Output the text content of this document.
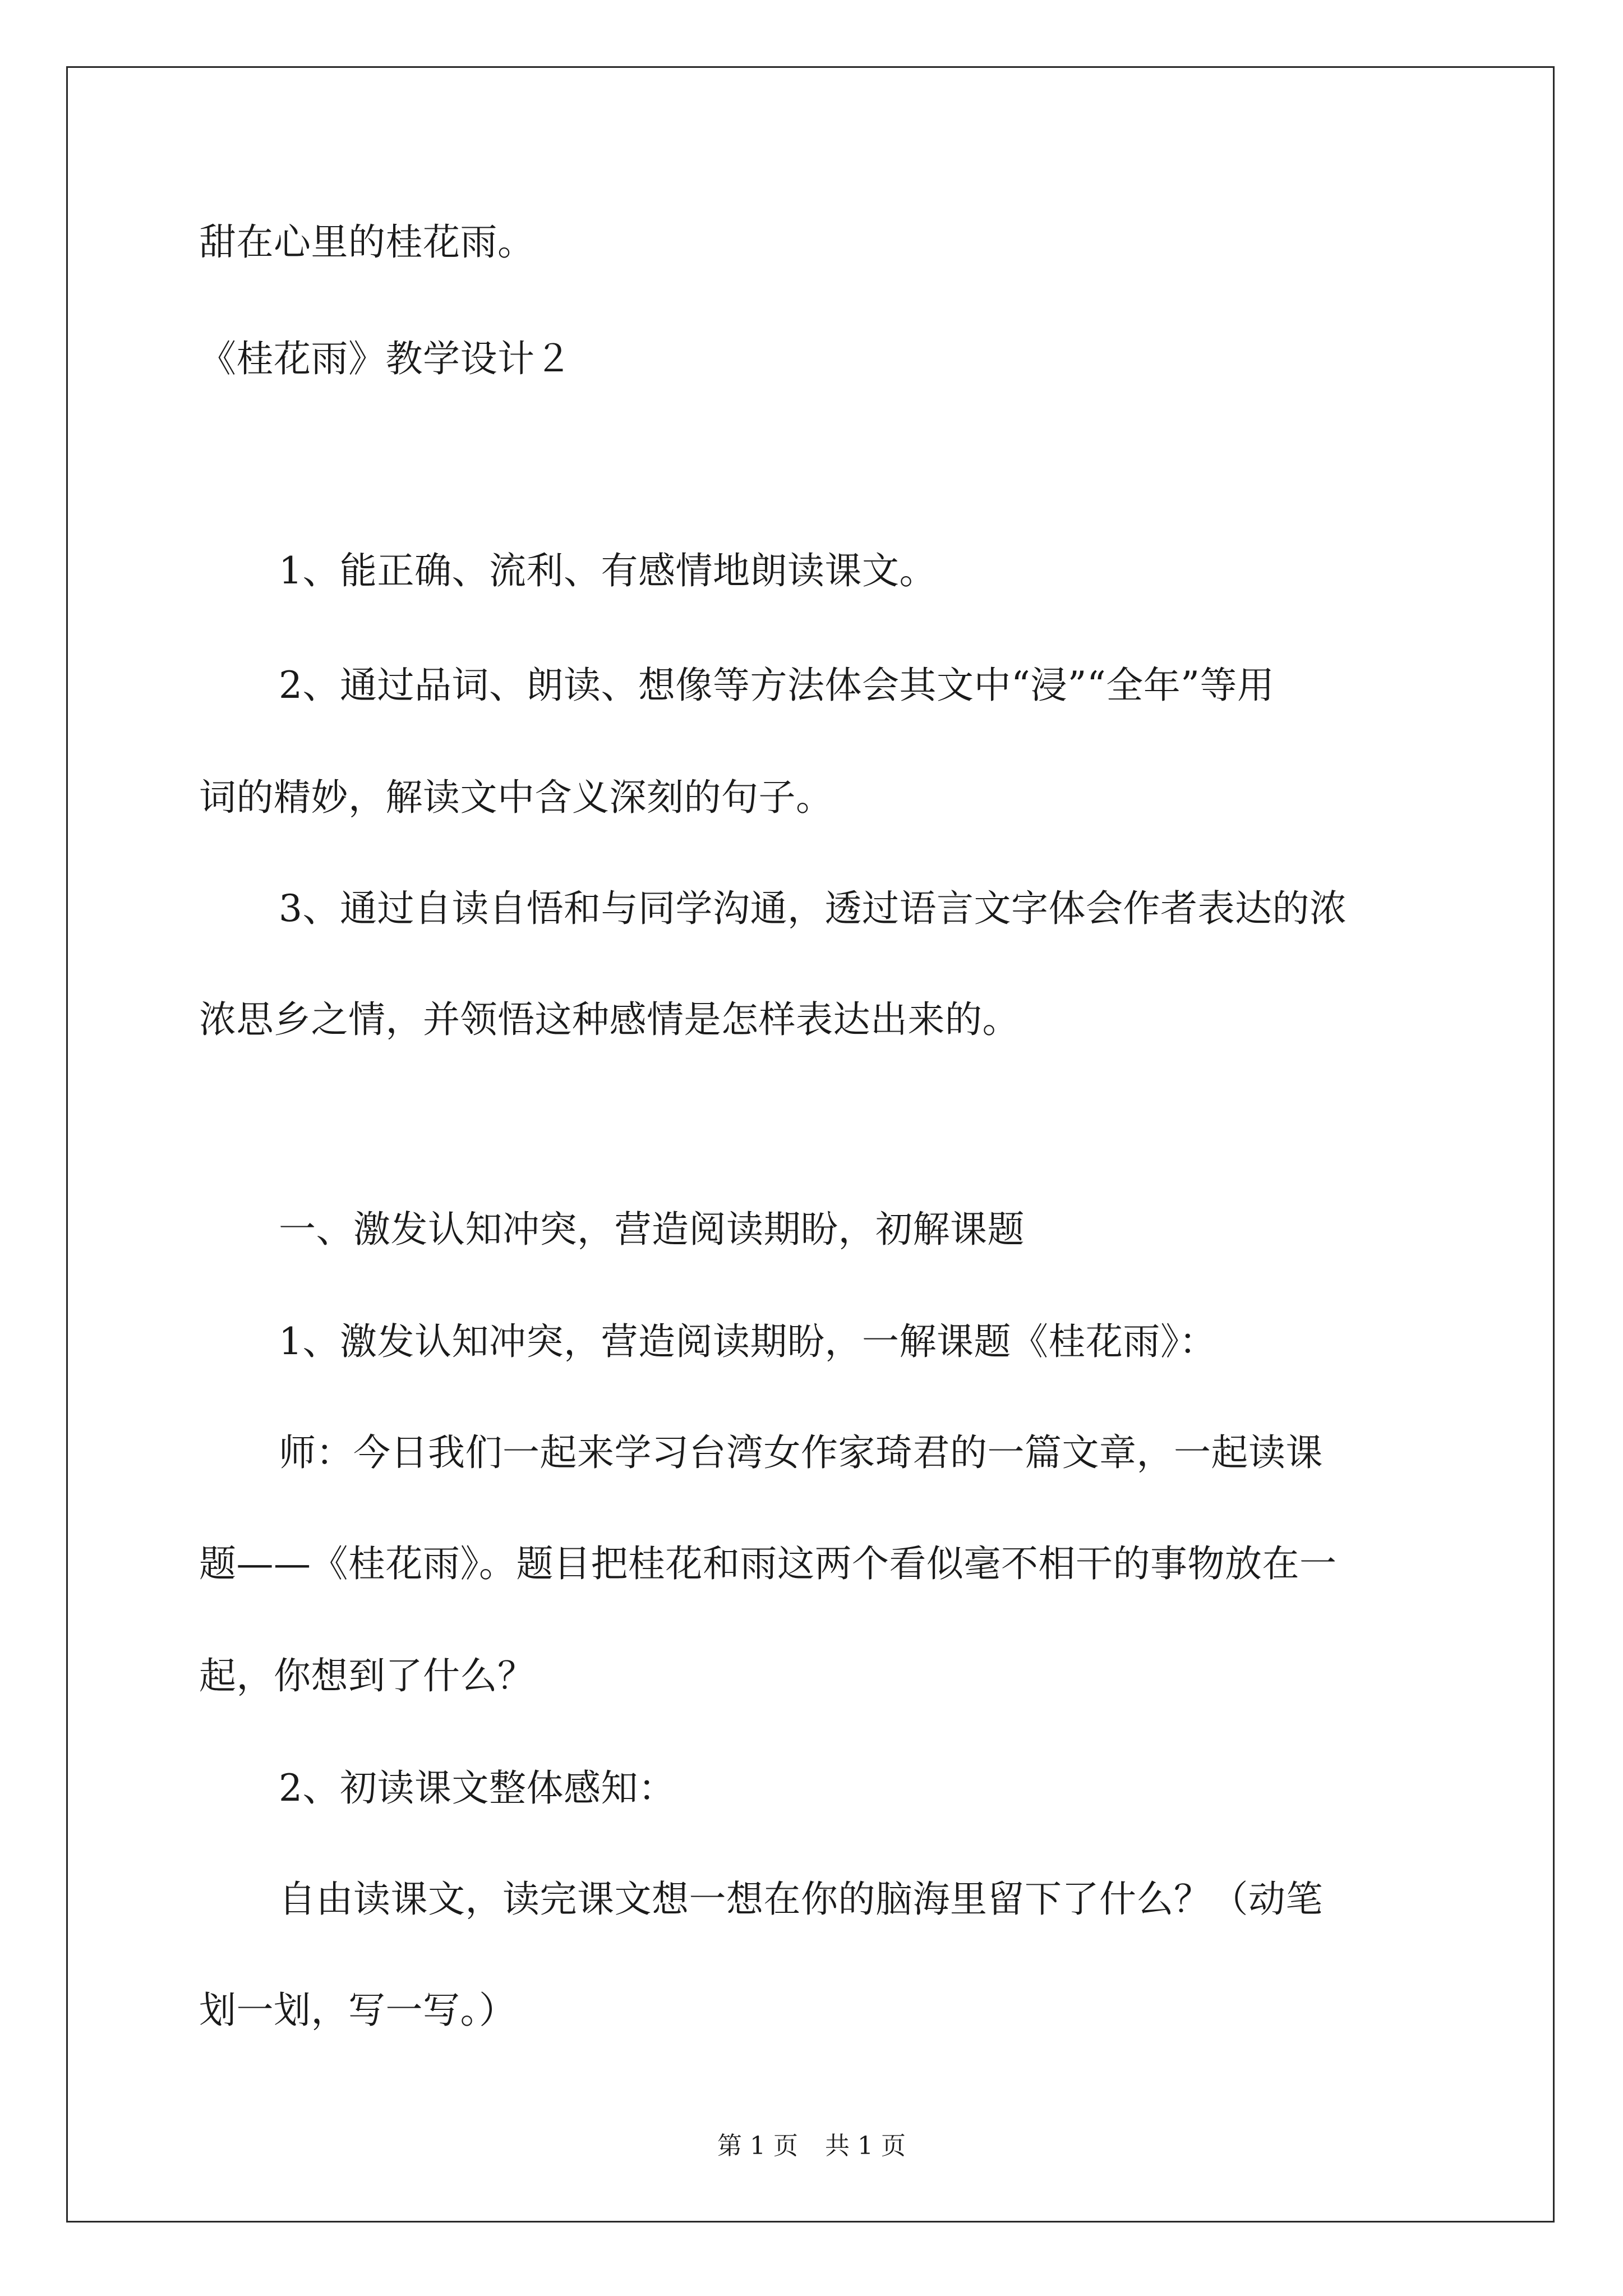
甜在心里的桂花雨。
《桂花雨》教学设计２
1、能正确、流利、有感情地朗读课文。
2、通过品词、朗读、想像等方法体会其文中“浸”“全年”等用
词的精妙，解读文中含义深刻的句子。
3、通过自读自悟和与同学沟通，透过语言文字体会作者表达的浓
浓思乡之情，并领悟这种感情是怎样表达出来的。
一、激发认知冲突，营造阅读期盼，初解课题
1、激发认知冲突，营造阅读期盼，一解课题《桂花雨》：
师：今日我们一起来学习台湾女作家琦君的一篇文章，一起读课
题——《桂花雨》。题目把桂花和雨这两个看似毫不相干的事物放在一
起，你想到了什么？
2、初读课文整体感知：
自由读课文，读完课文想一想在你的脑海里留下了什么？（动笔
划一划，写一写。）
第 1 页 共 1 页
